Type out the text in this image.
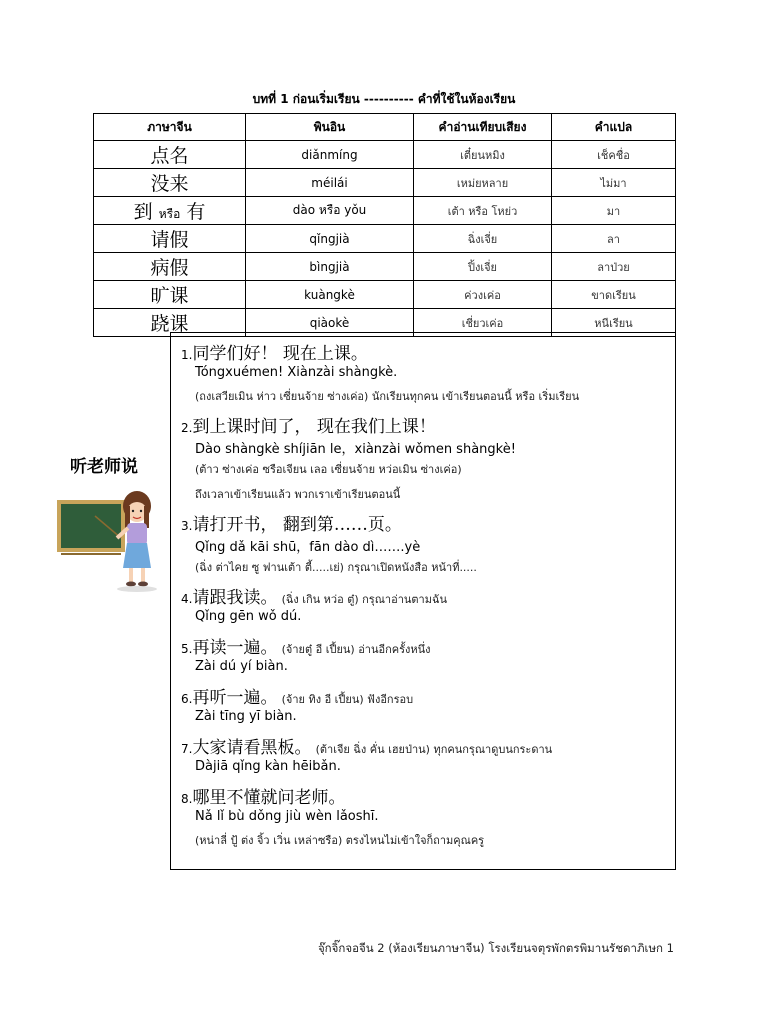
บทที่ 1 ก่อนเริ่มเรียน ---------- คำที่ใช้ในห้องเรียน
ภาษาจีน	พินอิน	คำอ่านเทียบเสียง	คำแปล
点名	diǎnmíng	เตี๋ยนหมิง	เช็คชื่อ
没来	méilái	เหม่ยหลาย	ไม่มา
到 หรือ 有	dào หรือ yǒu	เต้า หรือ โหย่ว	มา
请假	qǐngjià	ฉิ่งเจี่ย	ลา
病假	bìngjià	ปิ้งเจี่ย	ลาป่วย
旷课	kuàngkè	ค่วงเค่อ	ขาดเรียน
跷课	qiàokè	เชี่ยวเค่อ	หนีเรียน
听老师说
1.同学们好！ 现在上课。
Tóngxuémen! Xiànzài shàngkè.
(ถงเสวียเมิน ห่าว เซี่ยนจ้าย ซ่างเค่อ) นักเรียนทุกคน เข้าเรียนตอนนี้ หรือ เริ่มเรียน
2.到上课时间了， 现在我们上课！
Dào shàngkè shíjiān le，xiànzài wǒmen shàngkè!
(ต้าว ซ่างเค่อ ซรือเจียน เลอ เซี่ยนจ้าย หว่อเมิน ซ่างเค่อ)
ถึงเวลาเข้าเรียนแล้ว พวกเราเข้าเรียนตอนนี้
3.请打开书， 翻到第……页。
Qǐng dǎ kāi shū，fān dào dì…….yè
(ฉิ่ง ต่าไคย ซู ฟานเต้า ตี้.....เย่) กรุณาเปิดหนังสือ หน้าที่.....
4.请跟我读。 (ฉิ่ง เกิน หว่อ ตู๋) กรุณาอ่านตามฉัน
Qǐng gēn wǒ dú.
5.再读一遍。 (จ้ายตู๋ อี เปี้ยน) อ่านอีกครั้งหนึ่ง
Zài dú yí biàn.
6.再听一遍。 (จ้าย ทิง อี เปี้ยน) ฟังอีกรอบ
Zài tīng yī biàn.
7.大家请看黑板。 (ต้าเจีย ฉิ่ง คั่น เฮยป่าน) ทุกคนกรุณาดูบนกระดาน
Dàjiā qǐng kàn hēibǎn.
8.哪里不懂就问老师。
Nǎ lǐ bù dǒng jiù wèn lǎoshī.
(หน่าลี่ ปู้ ต่ง จิ้ว เวิ่น เหล่าซรือ) ตรงไหนไม่เข้าใจก็ถามคุณครู
จุ๊กจิ๊กจอจีน 2 (ห้องเรียนภาษาจีน) โรงเรียนจตุรพักตรพิมานรัชดาภิเษก 1
